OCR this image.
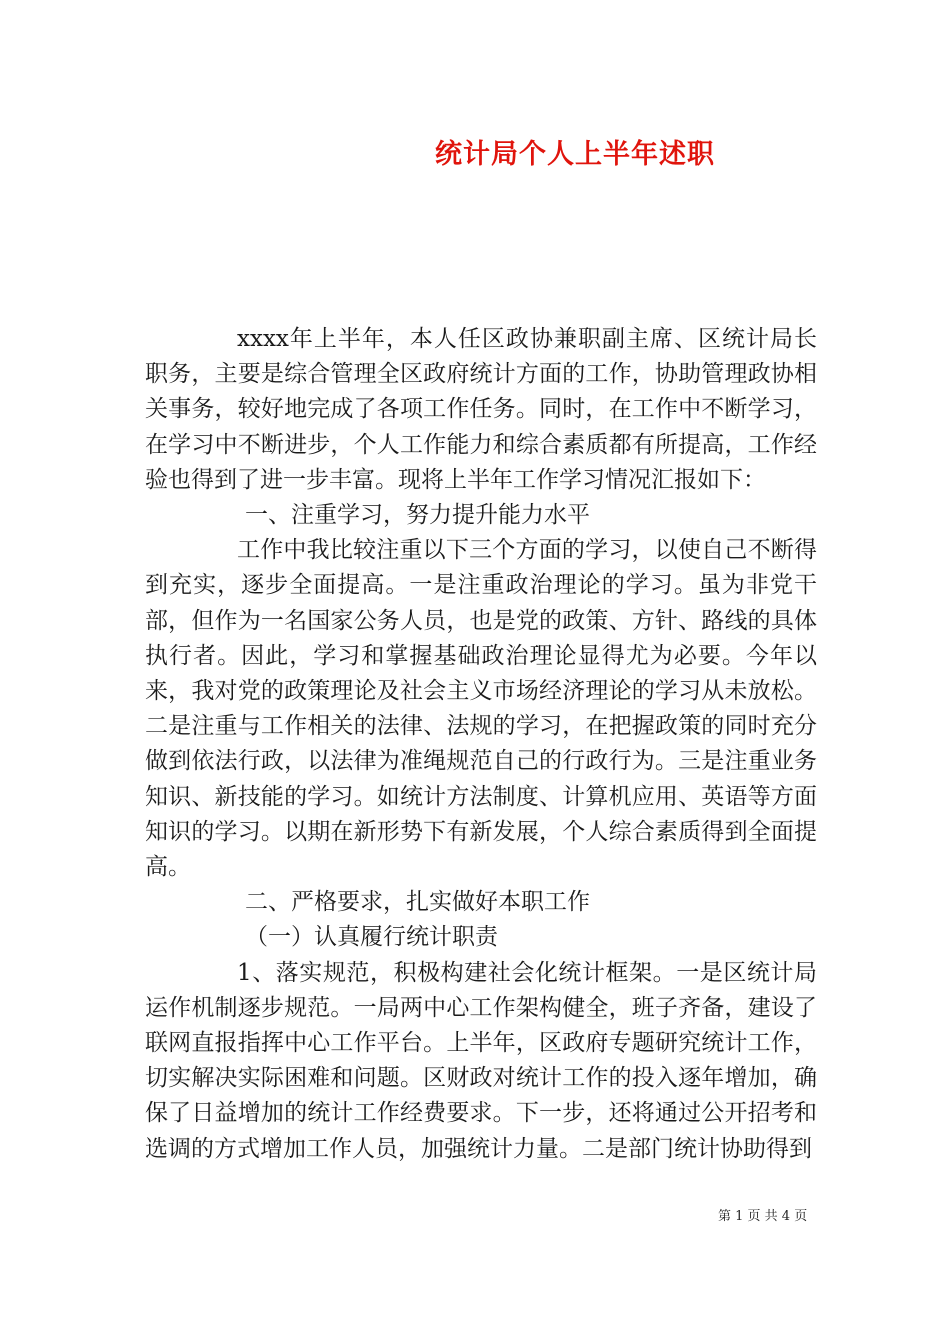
统计局个人上半年述职

xxxx年上半年，本人任区政协兼职副主席、区统计局长职务，主要是综合管理全区政府统计方面的工作，协助管理政协相关事务，较好地完成了各项工作任务。同时，在工作中不断学习，在学习中不断进步，个人工作能力和综合素质都有所提高，工作经验也得到了进一步丰富。现将上半年工作学习情况汇报如下：

一、注重学习，努力提升能力水平

工作中我比较注重以下三个方面的学习，以使自己不断得到充实，逐步全面提高。一是注重政治理论的学习。虽为非党干部，但作为一名国家公务人员，也是党的政策、方针、路线的具体执行者。因此，学习和掌握基础政治理论显得尤为必要。今年以来，我对党的政策理论及社会主义市场经济理论的学习从未放松。二是注重与工作相关的法律、法规的学习，在把握政策的同时充分做到依法行政，以法律为准绳规范自己的行政行为。三是注重业务知识、新技能的学习。如统计方法制度、计算机应用、英语等方面知识的学习。以期在新形势下有新发展，个人综合素质得到全面提高。

二、严格要求，扎实做好本职工作

（一）认真履行统计职责

1、落实规范，积极构建社会化统计框架。一是区统计局运作机制逐步规范。一局两中心工作架构健全，班子齐备，建设了联网直报指挥中心工作平台。上半年，区政府专题研究统计工作，切实解决实际困难和问题。区财政对统计工作的投入逐年增加，确保了日益增加的统计工作经费要求。下一步，还将通过公开招考和选调的方式增加工作人员，加强统计力量。二是部门统计协助得到

第 1 页 共 4 页
